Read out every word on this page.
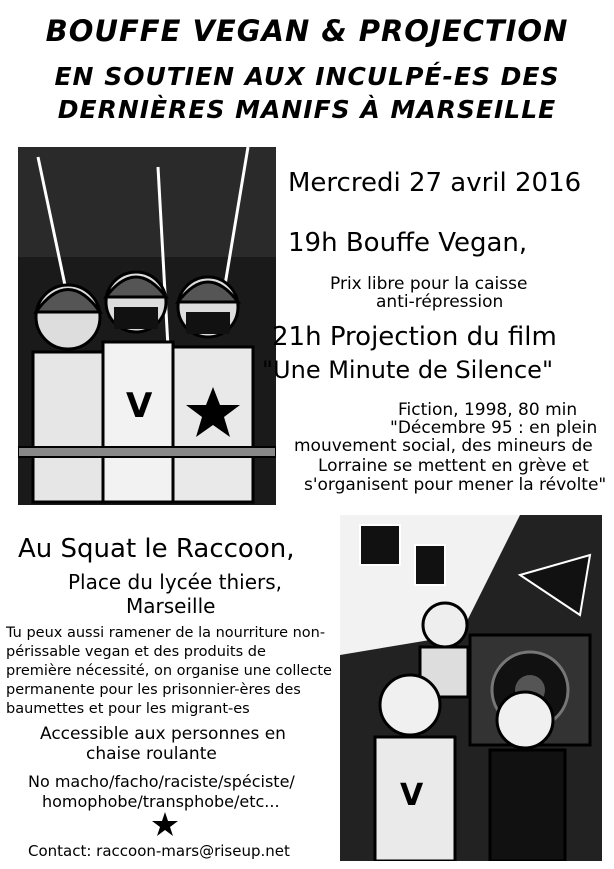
BOUFFE VEGAN & PROJECTION
EN SOUTIEN AUX INCULPÉ-ES DES
DERNIÈRES MANIFS À MARSEILLE
V
Mercredi 27 avril 2016
19h Bouffe Vegan,
Prix libre pour la caisse
anti-répression
21h Projection du film
"Une Minute de Silence"
Fiction, 1998, 80 min
"Décembre 95 : en plein
mouvement social, des mineurs de
Lorraine se mettent en grève et
s'organisent pour mener la révolte"
Au Squat le Raccoon,
Place du lycée thiers,
Marseille
Tu peux aussi ramener de la nourriture non-
périssable vegan et des produits de
première nécessité, on organise une collecte
permanente pour les prisonnier-ères des
baumettes et pour les migrant-es
Accessible aux personnes en
chaise roulante
No macho/facho/raciste/spéciste/
homophobe/transphobe/etc...
Contact: raccoon-mars@riseup.net
V
